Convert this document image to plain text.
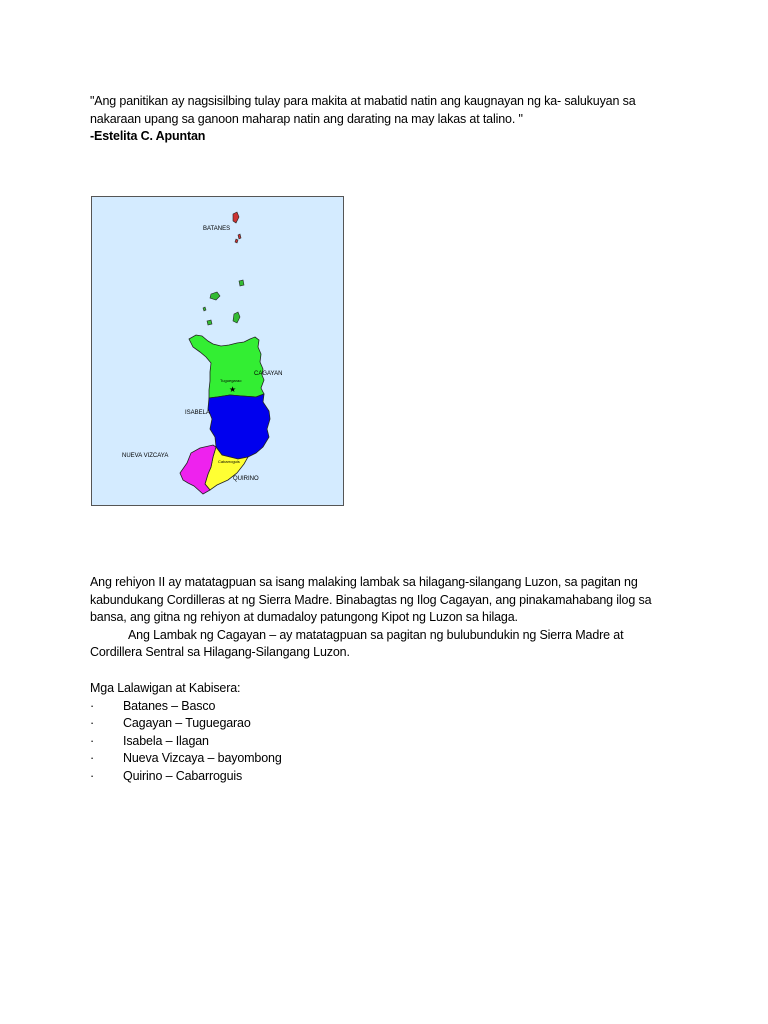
"Ang panitikan ay nagsisilbing tulay para makita at mabatid natin ang kaugnayan ng ka- salukuyan sa
nakaraan upang sa ganoon maharap natin ang darating na may lakas at talino. "
-Estelita C. Apuntan
BATANES
CAGAYAN
Tuguegarao
★
ISABELA
QUIRINO
Cabarroguis
NUEVA VIZCAYA
Ang rehiyon II ay matatagpuan sa isang malaking lambak sa hilagang-silangang Luzon, sa pagitan ng
kabundukang Cordilleras at ng Sierra Madre. Binabagtas ng Ilog Cagayan, ang pinakamahabang ilog sa
bansa, ang gitna ng rehiyon at dumadaloy patungong Kipot ng Luzon sa hilaga.
Ang Lambak ng Cagayan – ay matatagpuan sa pagitan ng bulubundukin ng Sierra Madre at
Cordillera Sentral sa Hilagang-Silangang Luzon.
Mga Lalawigan at Kabisera:
·	Batanes – Basco
·	Cagayan – Tuguegarao
·	Isabela – Ilagan
·	Nueva Vizcaya – bayombong
·	Quirino – Cabarroguis
